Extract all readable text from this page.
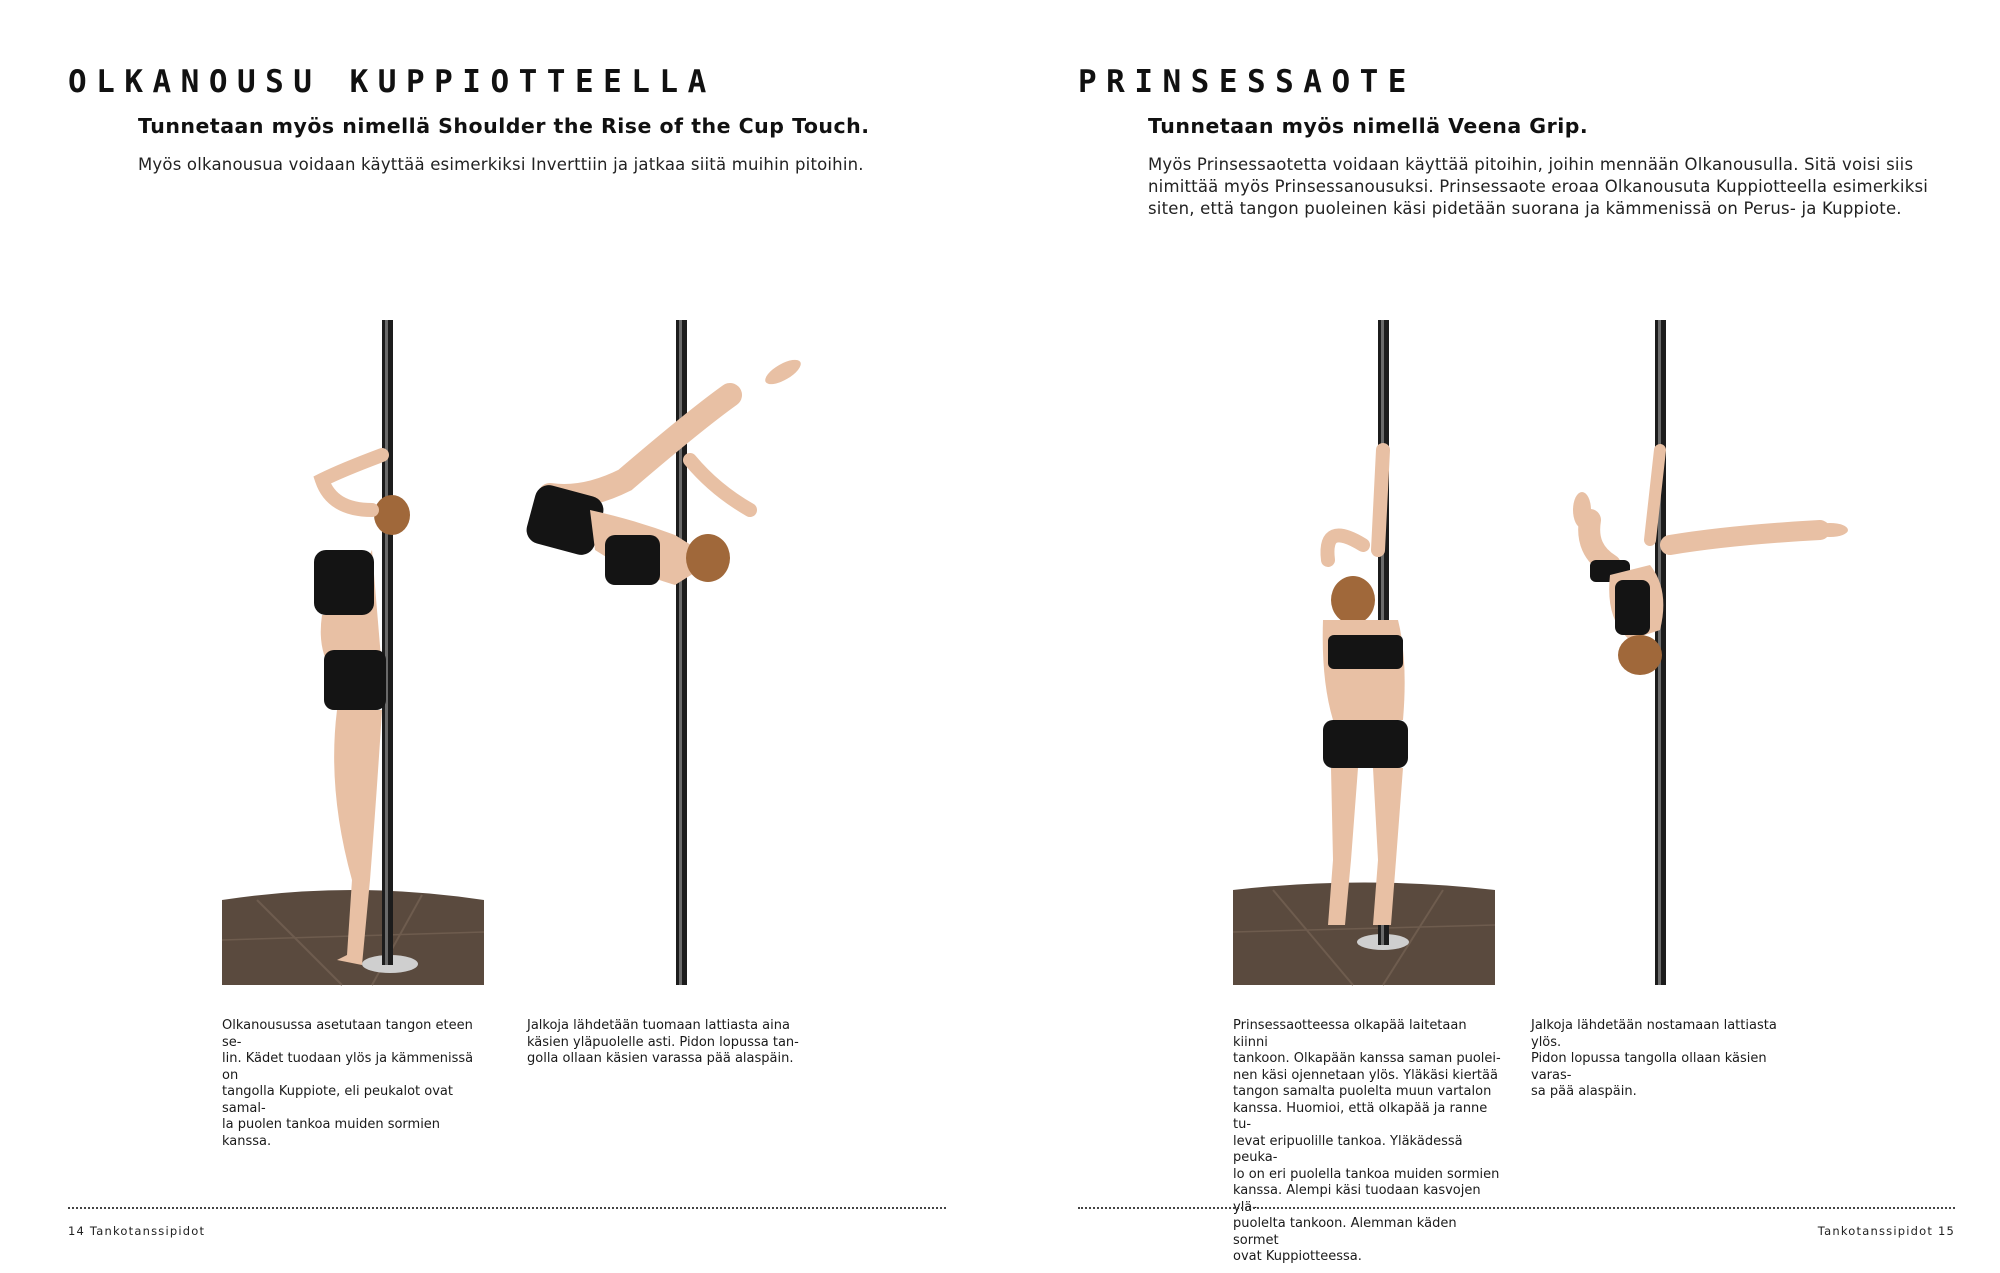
OLKANOUSU KUPPIOTTEELLA
Tunnetaan myös nimellä Shoulder the Rise of the Cup Touch.

Myös olkanousua voidaan käyttää esimerkiksi Inverttiin ja jatkaa siitä muihin pitoihin.

Olkanousussa asetutaan tangon eteen se-
lin. Kädet tuodaan ylös ja kämmenissä on
tangolla Kuppiote, eli peukalot ovat samal-
la puolen tankoa muiden sormien kanssa.

Jalkoja lähdetään tuomaan lattiasta aina
käsien yläpuolelle asti. Pidon lopussa tan-
golla ollaan käsien varassa pää alaspäin.

14 Tankotanssipidot
PRINSESSAOTE
Tunnetaan myös nimellä Veena Grip.

Myös Prinsessaotetta voidaan käyttää pitoihin, joihin mennään Olkanousulla. Sitä voisi siis nimittää myös Prinsessanousuksi. Prinsessaote eroaa Olkanousuta Kuppiotteella esimerkiksi siten, että tangon puoleinen käsi pidetään suorana ja kämmenissä on Perus- ja Kuppiote.

Prinsessaotteessa olkapää laitetaan kiinni
tankoon. Olkapään kanssa saman puolei-
nen käsi ojennetaan ylös. Yläkäsi kiertää
tangon samalta puolelta muun vartalon
kanssa. Huomioi, että olkapää ja ranne tu-
levat eripuolille tankoa. Yläkädessä peuka-
lo on eri puolella tankoa muiden sormien
kanssa. Alempi käsi tuodaan kasvojen ylä-
puolelta tankoon. Alemman käden sormet
ovat Kuppiotteessa.

Jalkoja lähdetään nostamaan lattiasta ylös.
Pidon lopussa tangolla ollaan käsien varas-
sa pää alaspäin.

Tankotanssipidot 15
